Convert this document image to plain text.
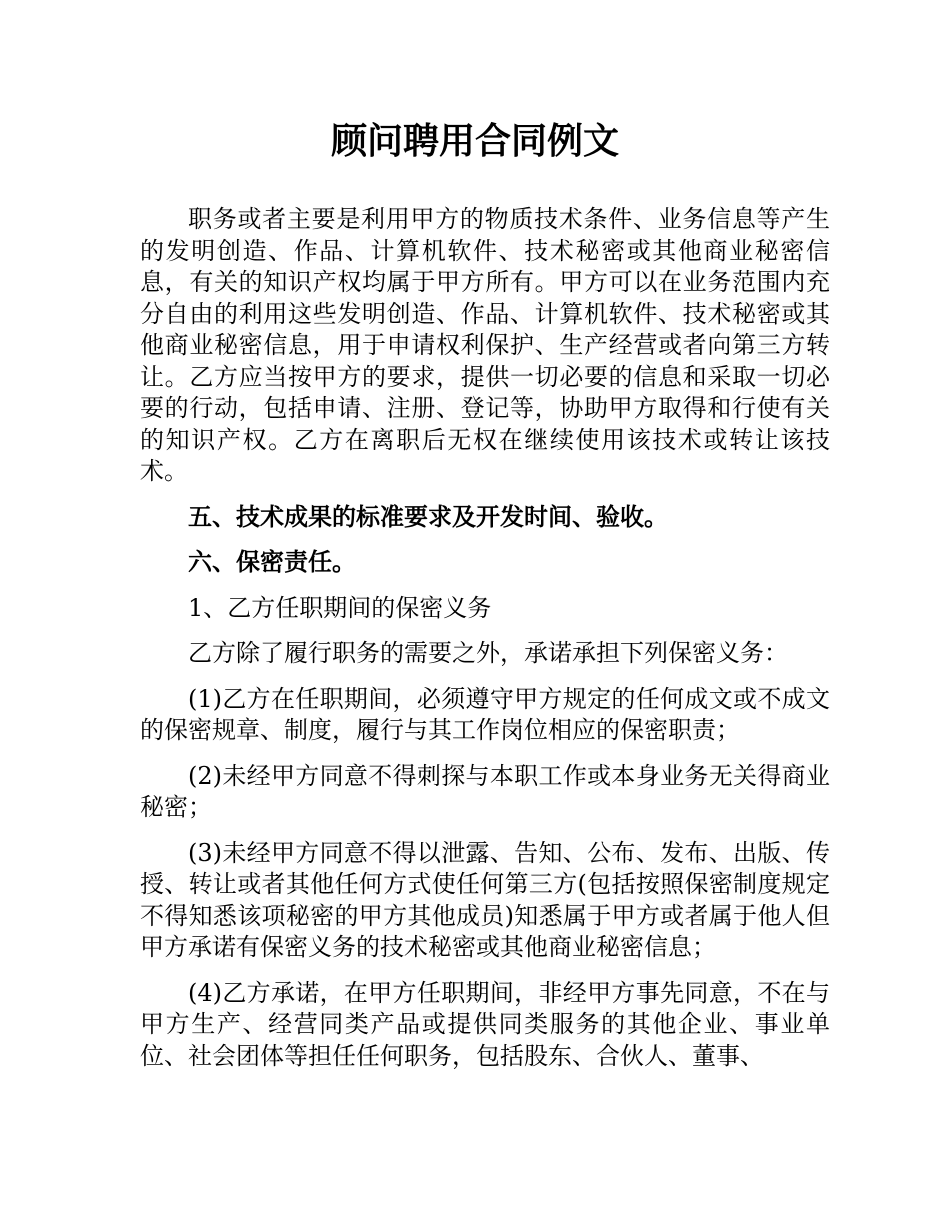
顾问聘用合同例文

职务或者主要是利用甲方的物质技术条件、业务信息等产生的发明创造、作品、计算机软件、技术秘密或其他商业秘密信息，有关的知识产权均属于甲方所有。甲方可以在业务范围内充分自由的利用这些发明创造、作品、计算机软件、技术秘密或其他商业秘密信息，用于申请权利保护、生产经营或者向第三方转让。乙方应当按甲方的要求，提供一切必要的信息和采取一切必要的行动，包括申请、注册、登记等，协助甲方取得和行使有关的知识产权。乙方在离职后无权在继续使用该技术或转让该技术。

五、技术成果的标准要求及开发时间、验收。

六、保密责任。

1、乙方任职期间的保密义务

乙方除了履行职务的需要之外，承诺承担下列保密义务：

(1)乙方在任职期间，必须遵守甲方规定的任何成文或不成文的保密规章、制度，履行与其工作岗位相应的保密职责；

(2)未经甲方同意不得刺探与本职工作或本身业务无关得商业秘密；

(3)未经甲方同意不得以泄露、告知、公布、发布、出版、传授、转让或者其他任何方式使任何第三方(包括按照保密制度规定不得知悉该项秘密的甲方其他成员)知悉属于甲方或者属于他人但甲方承诺有保密义务的技术秘密或其他商业秘密信息；

(4)乙方承诺，在甲方任职期间，非经甲方事先同意，不在与甲方生产、经营同类产品或提供同类服务的其他企业、事业单位、社会团体等担任任何职务，包括股东、合伙人、董事、
